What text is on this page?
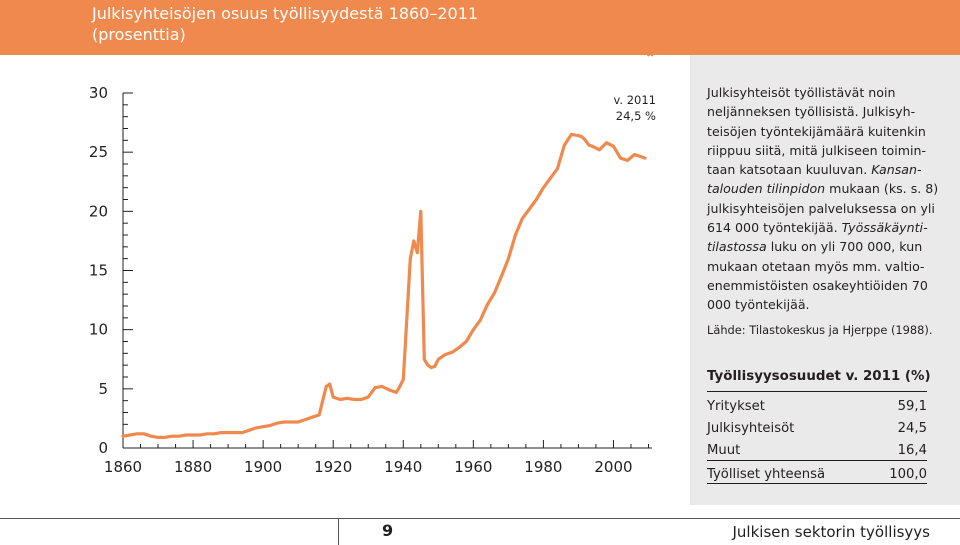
Julkisyhteisöjen osuus työllisyydestä 1860–2011 (prosenttia)
0
5
10
15
20
25
30
1860 1880 1900 1920 1940 1960 1980 2000
v. 2011
24,5 %
Julkisyhteisöt työllistävät noin neljänneksen työllisistä. Julkisyhteisöjen työntekijämäärä kuitenkin riippuu siitä, mitä julkiseen toimintaan katsotaan kuuluvan. Kansantalouden tilinpidon mukaan (ks. s. 8) julkisyhteisöjen palveluksessa on yli 614 000 työntekijää. Työssäkäyntitilastossa luku on yli 700 000, kun mukaan otetaan myös mm. valtioenemmistöisten osakeyhtiöiden 70 000 työntekijää.
Lähde: Tilastokeskus ja Hjerppe (1988).
Työllisyysosuudet v. 2011 (%)
Yritykset	59,1
Julkisyhteisöt	24,5
Muut	16,4
Työlliset yhteensä	100,0
9	Julkisen sektorin työllisyys
